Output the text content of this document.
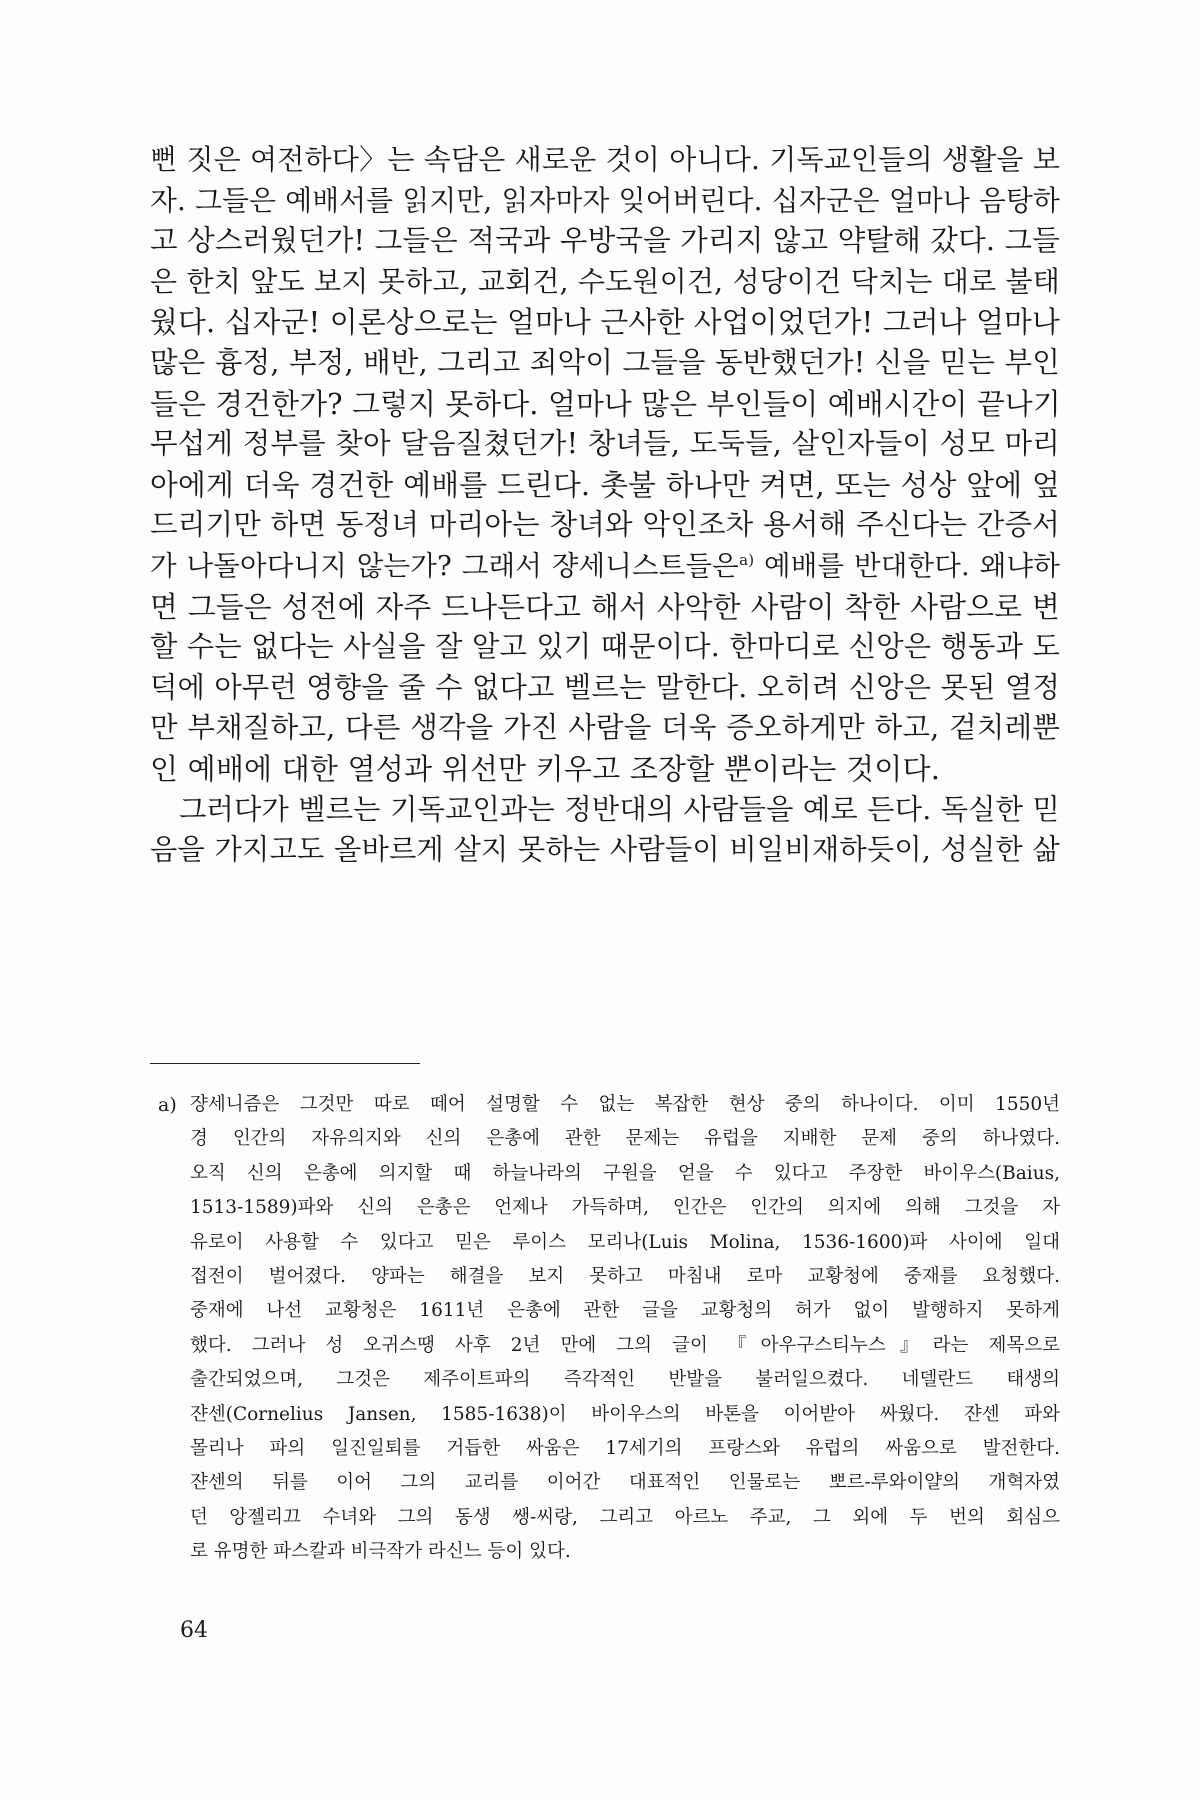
뻔 짓은 여전하다〉는 속담은 새로운 것이 아니다. 기독교인들의 생활을 보
자. 그들은 예배서를 읽지만, 읽자마자 잊어버린다. 십자군은 얼마나 음탕하
고 상스러웠던가! 그들은 적국과 우방국을 가리지 않고 약탈해 갔다. 그들
은 한치 앞도 보지 못하고, 교회건, 수도원이건, 성당이건 닥치는 대로 불태
웠다. 십자군! 이론상으로는 얼마나 근사한 사업이었던가! 그러나 얼마나
많은 흉정, 부정, 배반, 그리고 죄악이 그들을 동반했던가! 신을 믿는 부인
들은 경건한가? 그렇지 못하다. 얼마나 많은 부인들이 예배시간이 끝나기
무섭게 정부를 찾아 달음질쳤던가! 창녀들, 도둑들, 살인자들이 성모 마리
아에게 더욱 경건한 예배를 드린다. 촛불 하나만 켜면, 또는 성상 앞에 엎
드리기만 하면 동정녀 마리아는 창녀와 악인조차 용서해 주신다는 간증서
가 나돌아다니지 않는가? 그래서 쟝세니스트들은$^{a)}$ 예배를 반대한다. 왜냐하
면 그들은 성전에 자주 드나든다고 해서 사악한 사람이 착한 사람으로 변
할 수는 없다는 사실을 잘 알고 있기 때문이다. 한마디로 신앙은 행동과 도
덕에 아무런 영향을 줄 수 없다고 벨르는 말한다. 오히려 신앙은 못된 열정
만 부채질하고, 다른 생각을 가진 사람을 더욱 증오하게만 하고, 겉치레뿐
인 예배에 대한 열성과 위선만 키우고 조장할 뿐이라는 것이다.
그러다가 벨르는 기독교인과는 정반대의 사람들을 예로 든다. 독실한 믿
음을 가지고도 올바르게 살지 못하는 사람들이 비일비재하듯이, 성실한 삶
a) 쟝세니즘은 그것만 따로 떼어 설명할 수 없는 복잡한 현상 중의 하나이다. 이미 1550년
경 인간의 자유의지와 신의 은총에 관한 문제는 유럽을 지배한 문제 중의 하나였다.
오직 신의 은총에 의지할 때 하늘나라의 구원을 얻을 수 있다고 주장한 바이우스(Baius,
1513-1589)파와 신의 은총은 언제나 가득하며, 인간은 인간의 의지에 의해 그것을 자
유로이 사용할 수 있다고 믿은 루이스 모리나(Luis Molina, 1536-1600)파 사이에 일대
접전이 벌어졌다. 양파는 해결을 보지 못하고 마침내 로마 교황청에 중재를 요청했다.
중재에 나선 교황청은 1611년 은총에 관한 글을 교황청의 허가 없이 발행하지 못하게
했다. 그러나 성 오귀스땡 사후 2년 만에 그의 글이 『아우구스티누스』라는 제목으로
출간되었으며, 그것은 제주이트파의 즉각적인 반발을 불러일으켰다. 네델란드 태생의
쟌센(Cornelius Jansen, 1585-1638)이 바이우스의 바톤을 이어받아 싸웠다. 쟌센 파와
몰리나 파의 일진일퇴를 거듭한 싸움은 17세기의 프랑스와 유럽의 싸움으로 발전한다.
쟌센의 뒤를 이어 그의 교리를 이어간 대표적인 인물로는 뽀르-루와이얄의 개혁자였
던 앙젤리끄 수녀와 그의 동생 쌩-씨랑, 그리고 아르노 주교, 그 외에 두 번의 회심으
로 유명한 파스칼과 비극작가 라신느 등이 있다.
64
